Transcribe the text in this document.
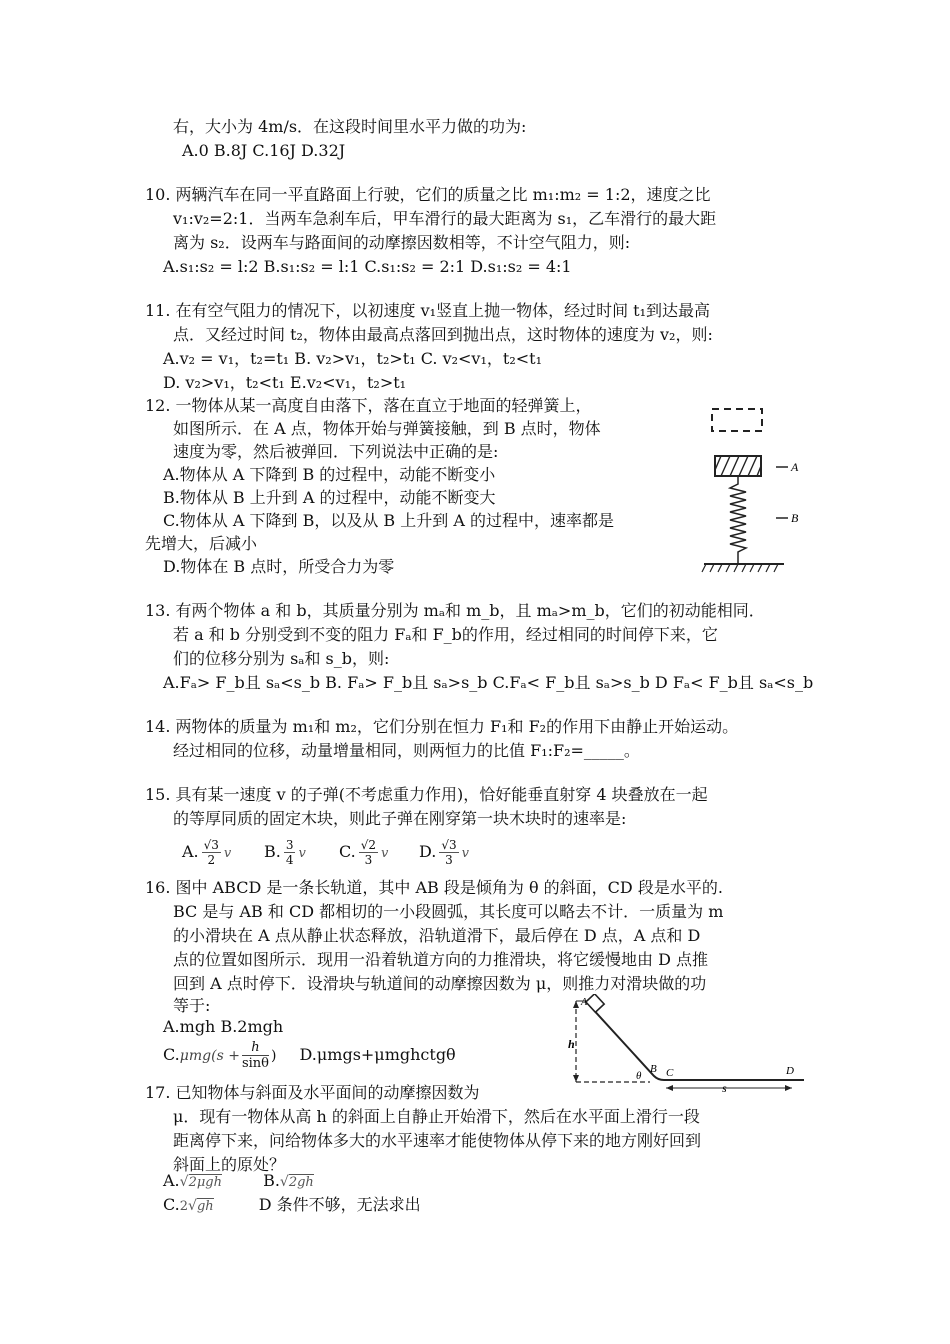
右，大小为 4m/s．在这段时间里水平力做的功为:
A.0 B.8J C.16J D.32J
10. 两辆汽车在同一平直路面上行驶，它们的质量之比 m₁:m₂ = 1:2，速度之比
v₁:v₂=2:1．当两车急刹车后，甲车滑行的最大距离为 s₁，乙车滑行的最大距
离为 s₂．设两车与路面间的动摩擦因数相等，不计空气阻力，则:
A.s₁:s₂ = l:2 B.s₁:s₂ = l:1 C.s₁:s₂ = 2:1 D.s₁:s₂ = 4:1
11. 在有空气阻力的情况下，以初速度 v₁竖直上抛一物体，经过时间 t₁到达最高
点．又经过时间 t₂，物体由最高点落回到抛出点，这时物体的速度为 v₂，则:
A.v₂ = v₁，t₂=t₁ B. v₂>v₁，t₂>t₁ C. v₂<v₁，t₂<t₁
D. v₂>v₁，t₂<t₁ E.v₂<v₁，t₂>t₁
12. 一物体从某一高度自由落下，落在直立于地面的轻弹簧上，
如图所示．在 A 点，物体开始与弹簧接触，到 B 点时，物体
速度为零，然后被弹回．下列说法中正确的是:
A.物体从 A 下降到 B 的过程中，动能不断变小
B.物体从 B 上升到 A 的过程中，动能不断变大
C.物体从 A 下降到 B，以及从 B 上升到 A 的过程中，速率都是
先增大，后减小
D.物体在 B 点时，所受合力为零
13. 有两个物体 a 和 b，其质量分别为 mₐ和 m_b，且 mₐ>m_b，它们的初动能相同．
若 a 和 b 分别受到不变的阻力 Fₐ和 F_b的作用，经过相同的时间停下来，它
们的位移分别为 sₐ和 s_b，则:
A.Fₐ> F_b且 sₐ<s_b B. Fₐ> F_b且 sₐ>s_b C.Fₐ< F_b且 sₐ>s_b D Fₐ< F_b且 sₐ<s_b
14. 两物体的质量为 m₁和 m₂，它们分别在恒力 F₁和 F₂的作用下由静止开始运动。
经过相同的位移，动量增量相同，则两恒力的比值 F₁:F₂=_____。
15. 具有某一速度 v 的子弹(不考虑重力作用)，恰好能垂直射穿 4 块叠放在一起
的等厚同质的固定木块，则此子弹在刚穿第一块木块时的速率是:
16. 图中 ABCD 是一条长轨道，其中 AB 段是倾角为 θ 的斜面，CD 段是水平的.
BC 是与 AB 和 CD 都相切的一小段圆弧，其长度可以略去不计．一质量为 m
的小滑块在 A 点从静止状态释放，沿轨道滑下，最后停在 D 点，A 点和 D
点的位置如图所示．现用一沿着轨道方向的力推滑块，将它缓慢地由 D 点推
回到 A 点时停下．设滑块与轨道间的动摩擦因数为 μ，则推力对滑块做的功
等于:
A.mgh B.2mgh
17. 已知物体与斜面及水平面间的动摩擦因数为
μ．现有一物体从高 h 的斜面上自静止开始滑下，然后在水平面上滑行一段
距离停下来，问给物体多大的水平速率才能使物体从停下来的地方刚好回到
斜面上的原处？
A. $\frac{√3}{2}$ v B. $\frac{3}{4}$ v C. $\frac{√2}{3}$ v D. $\frac{√3}{3}$ v
$C.\mu mg(s + \frac{h}{\sin\theta}$ ) D.μmgs+μmghctgθ
A.√2μgh	B.√2gh
C.2√gh	D 条件不够，无法求出
A
B
h
A
θ
B C	D
s
